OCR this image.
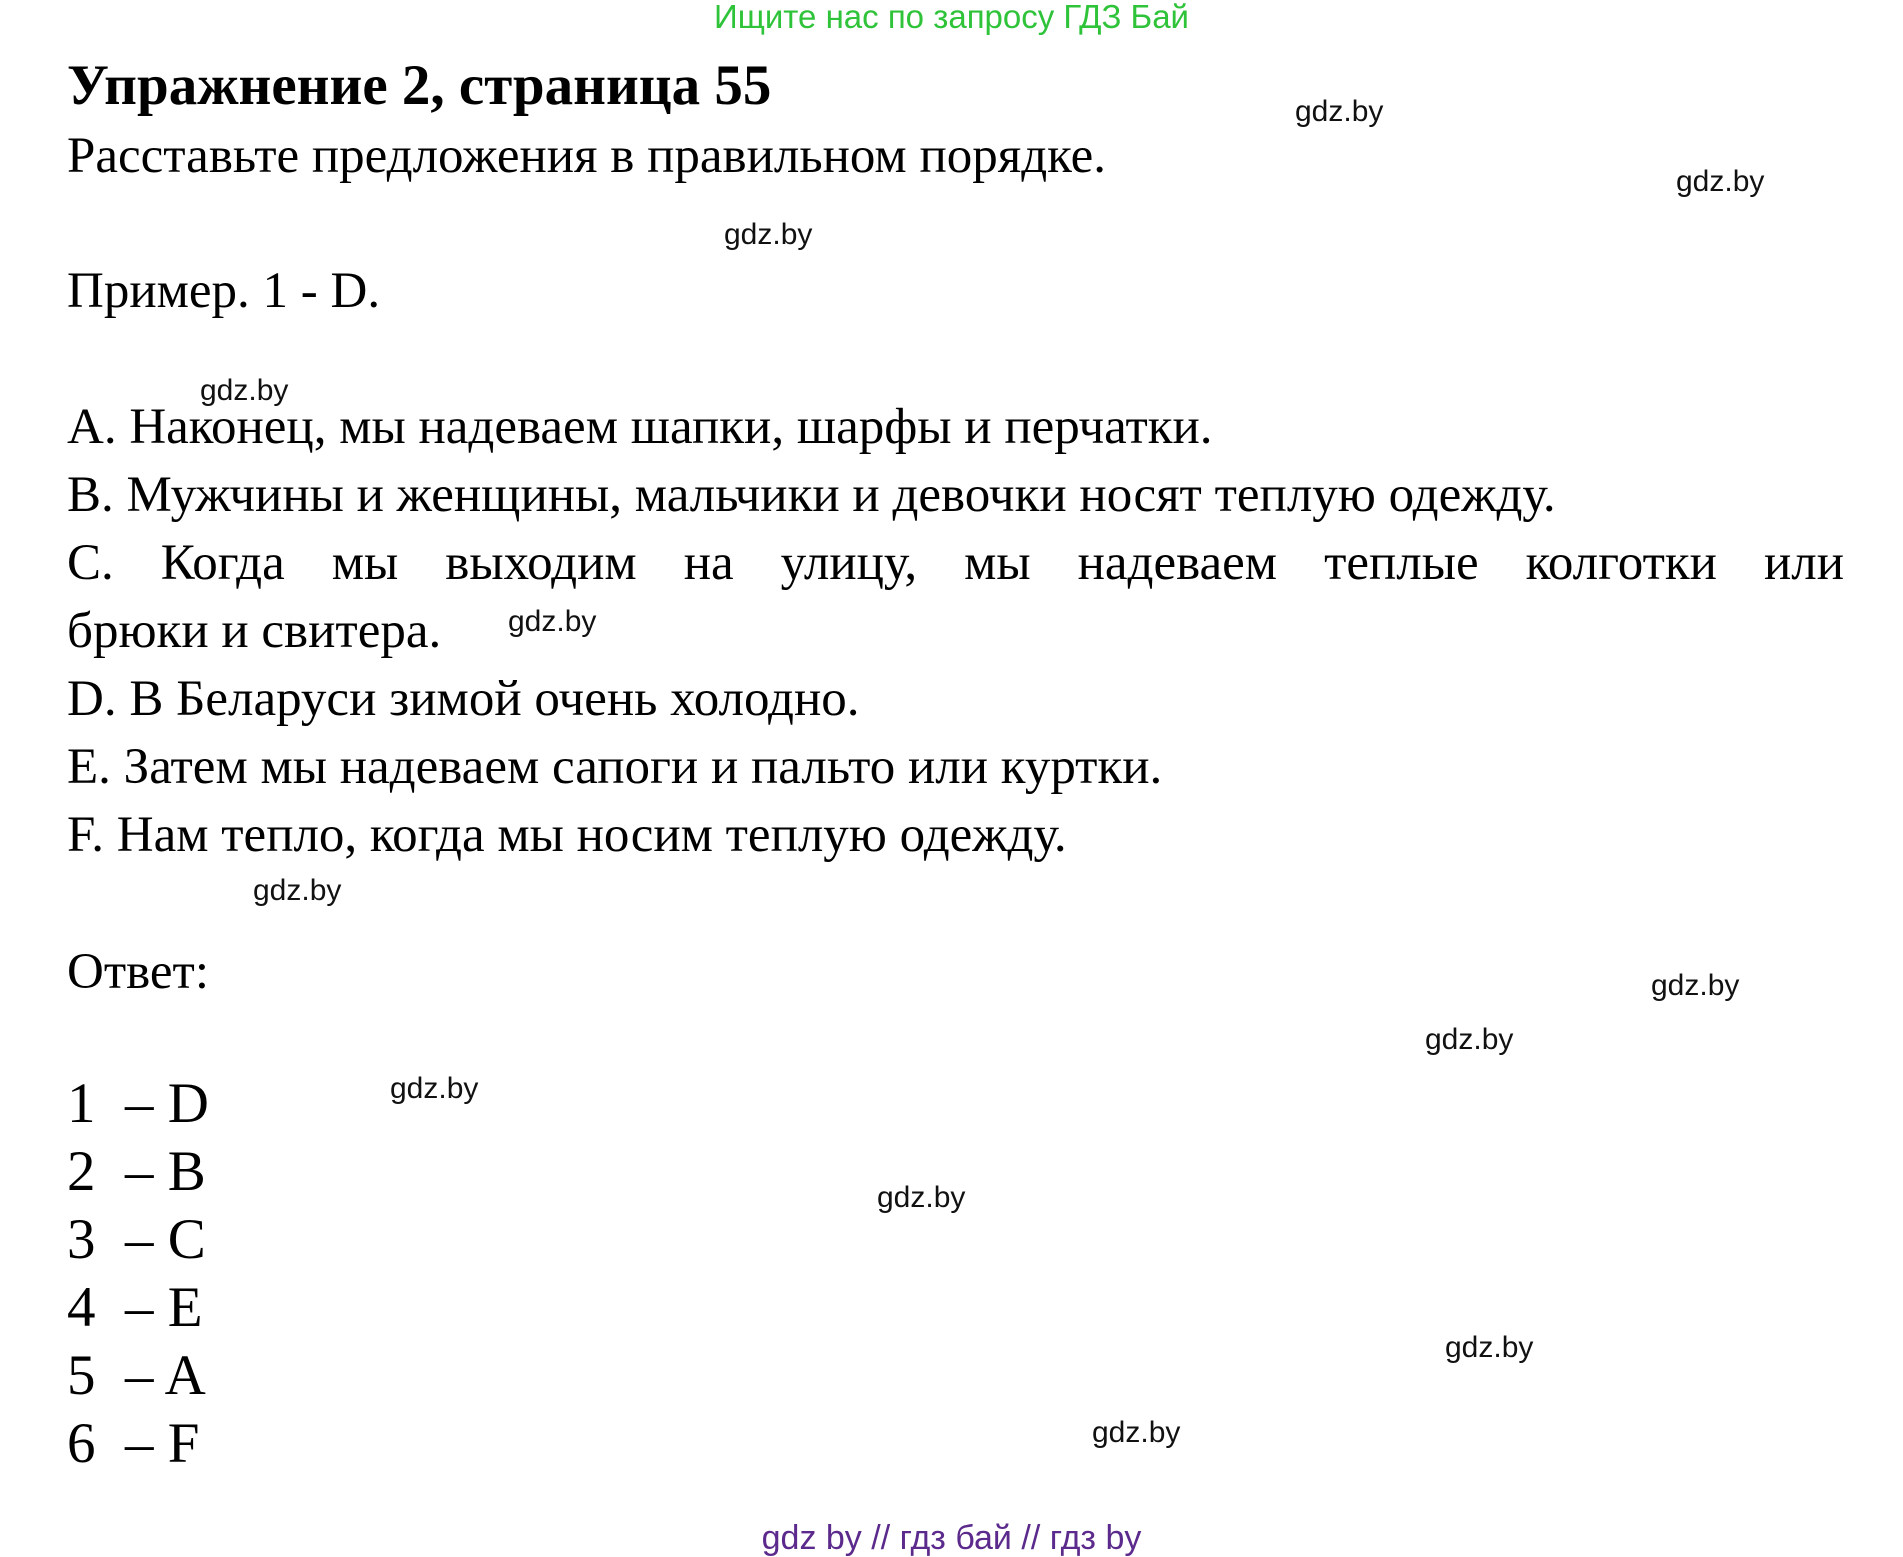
Ищите нас по запросу ГДЗ Бай
Упражнение 2, страница 55
Расставьте предложения в правильном порядке.
Пример. 1 - D.
A. Наконец, мы надеваем шапки, шарфы и перчатки.
B. Мужчины и женщины, мальчики и девочки носят теплую одежду.
C. Когда мы выходим на улицу, мы надеваем теплые колготки или
брюки и свитера.
D. В Беларуси зимой очень холодно.
E. Затем мы надеваем сапоги и пальто или куртки.
F. Нам тепло, когда мы носим теплую одежду.
Ответ:
1 – D
2 – B
3 – C
4 – E
5 – A
6 – F
gdz.by
gdz.by
gdz.by
gdz.by
gdz.by
gdz.by
gdz.by
gdz.by
gdz.by
gdz.by
gdz.by
gdz.by
gdz by // гдз бай // гдз by
